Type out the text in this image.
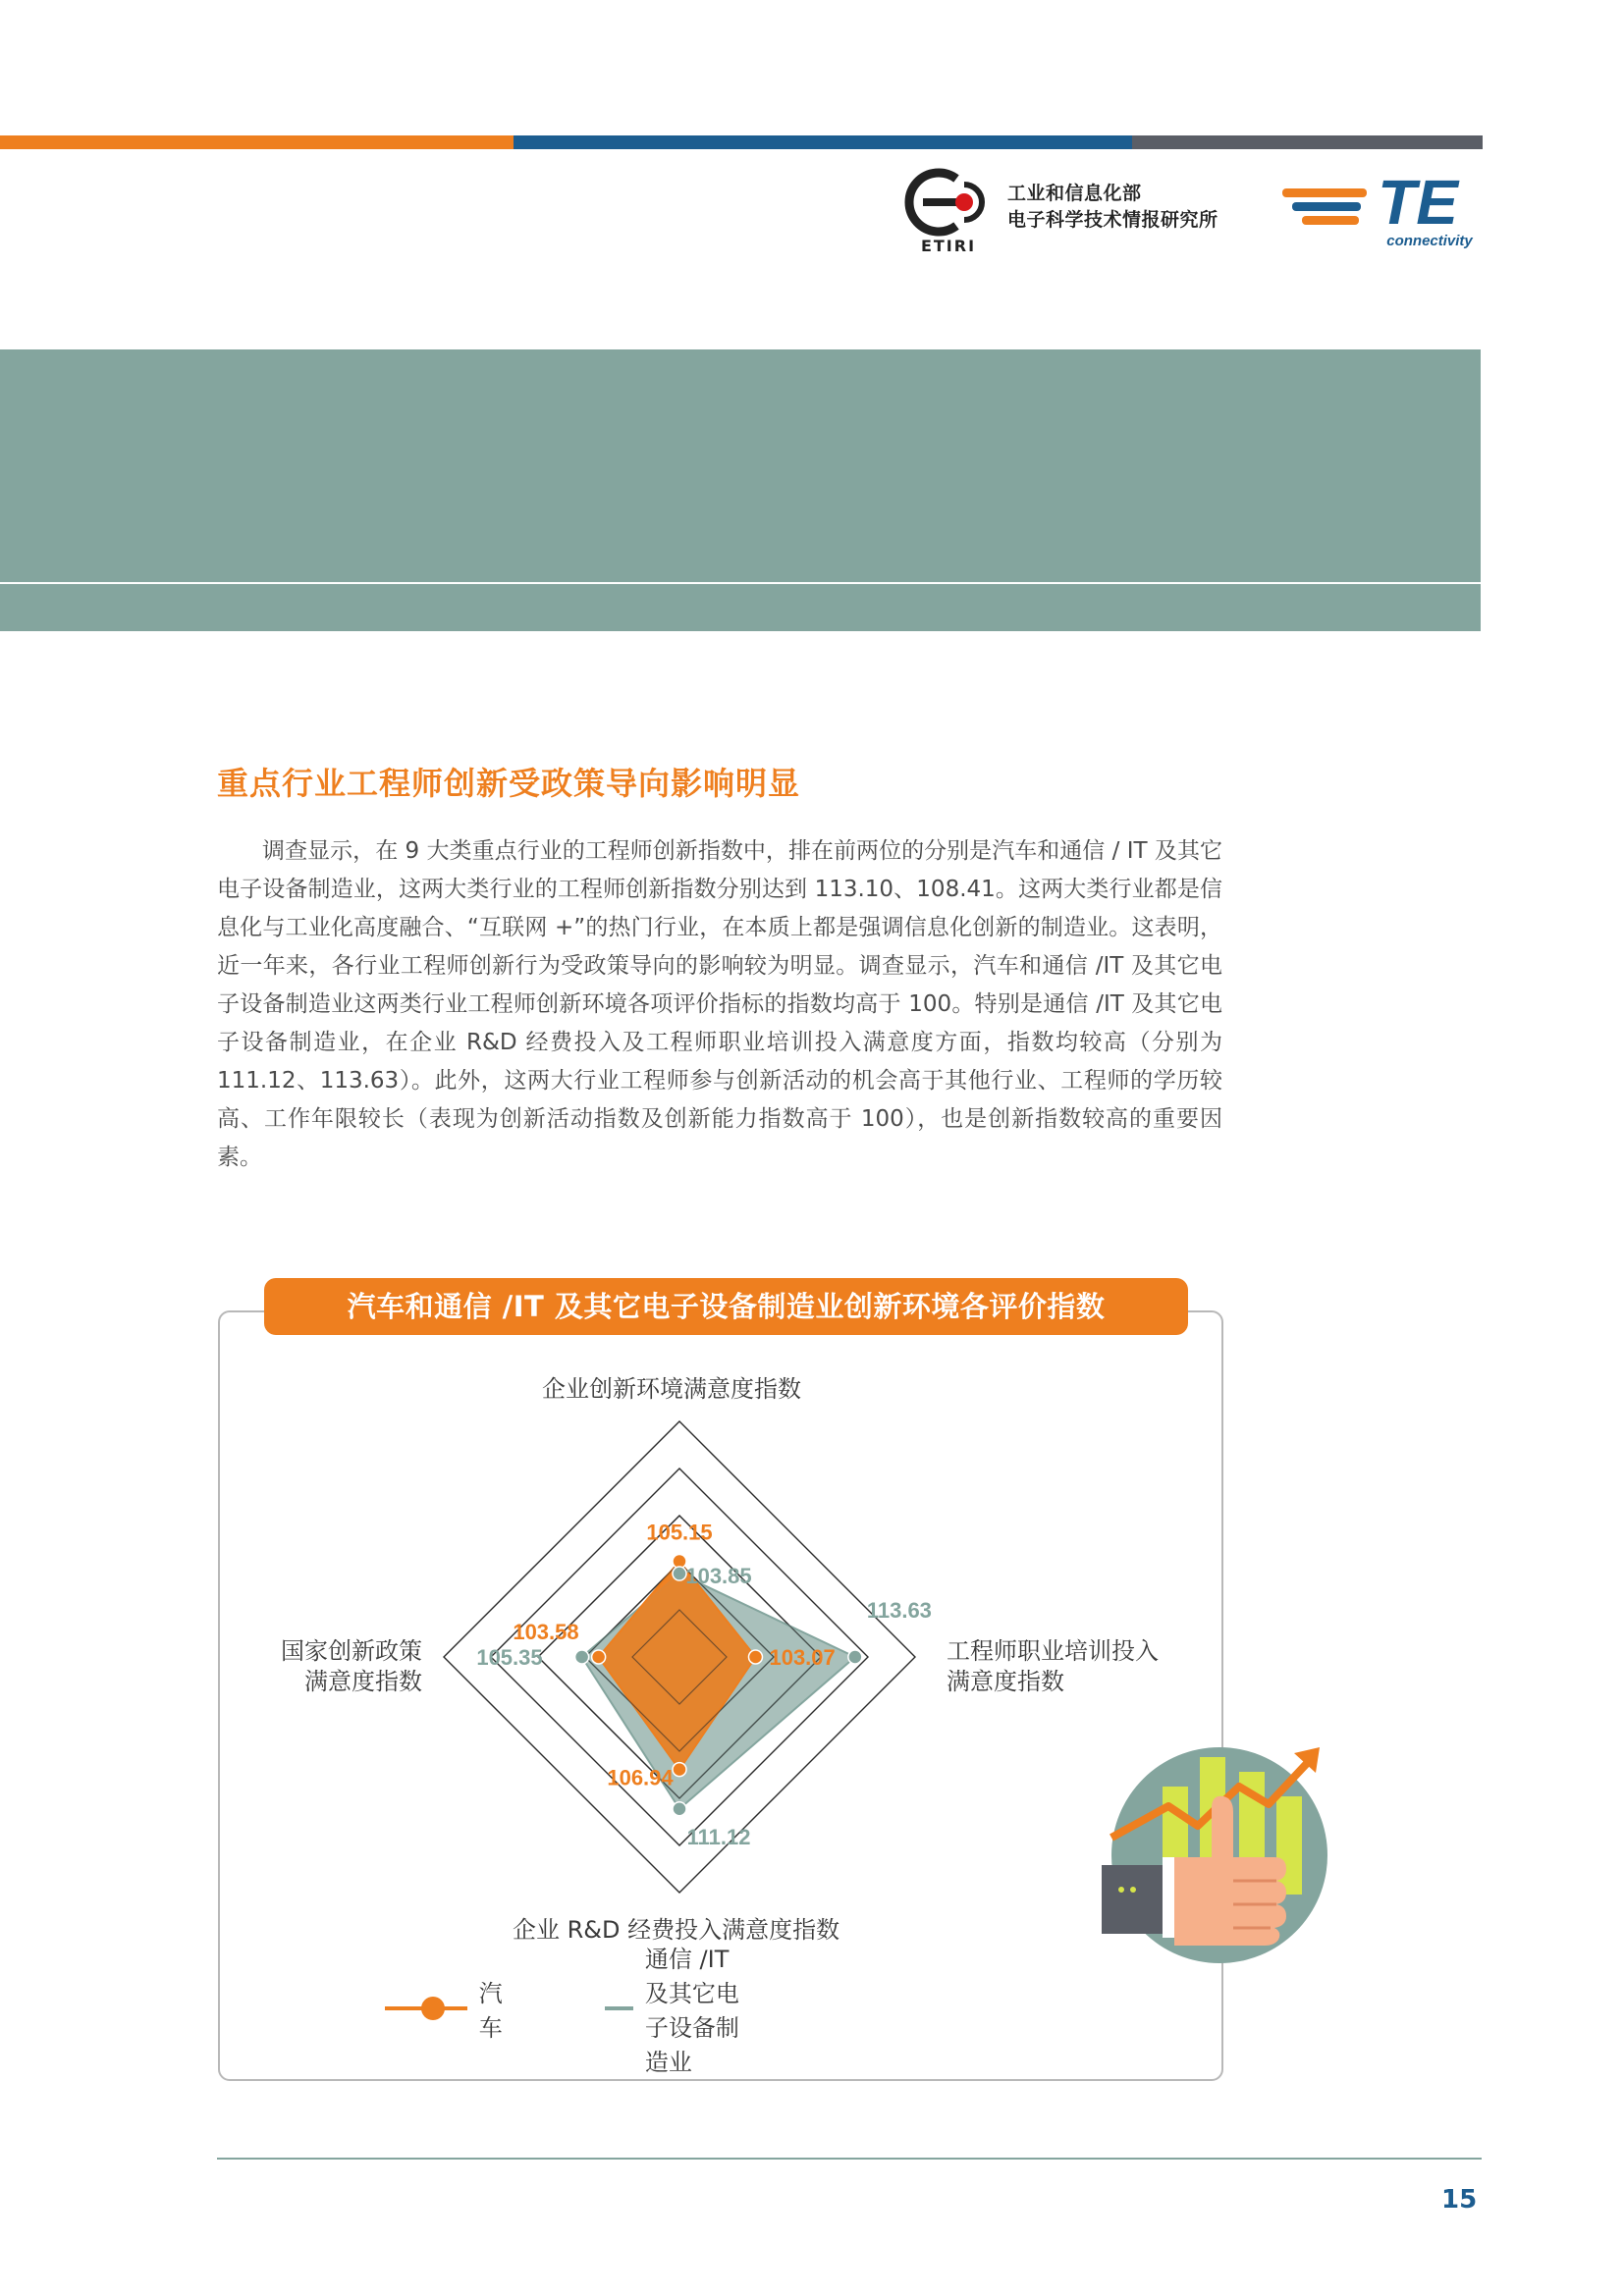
ETIRI
工业和信息化部
电子科学技术情报研究所	TE
connectivity
重点行业工程师创新受政策导向影响明显

　　调查显示，在 9 大类重点行业的工程师创新指数中，排在前两位的分别是汽车和通信 / IT 及其它电子设备制造业，这两大类行业的工程师创新指数分别达到 113.10、108.41。这两大类行业都是信息化与工业化高度融合、“互联网 +”的热门行业，在本质上都是强调信息化创新的制造业。这表明，近一年来，各行业工程师创新行为受政策导向的影响较为明显。调查显示，汽车和通信 /IT 及其它电子设备制造业这两类行业工程师创新环境各项评价指标的指数均高于 100。特别是通信 /IT 及其它电子设备制造业，在企业 R&D 经费投入及工程师职业培训投入满意度方面，指数均较高（分别为 111.12、113.63）。此外，这两大行业工程师参与创新活动的机会高于其他行业、工程师的学历较高、工作年限较长（表现为创新活动指数及创新能力指数高于 100），也是创新指数较高的重要因素。

汽车和通信 /IT 及其它电子设备制造业创新环境各评价指数
105.15
103.07
106.94
103.58
103.85
113.63
111.12
105.35
企业创新环境满意度指数
工程师职业培训投入
满意度指数
国家创新政策
满意度指数
企业 R&D 经费投入满意度指数
汽车
通信 /IT 及其它电子设备制造业
15
